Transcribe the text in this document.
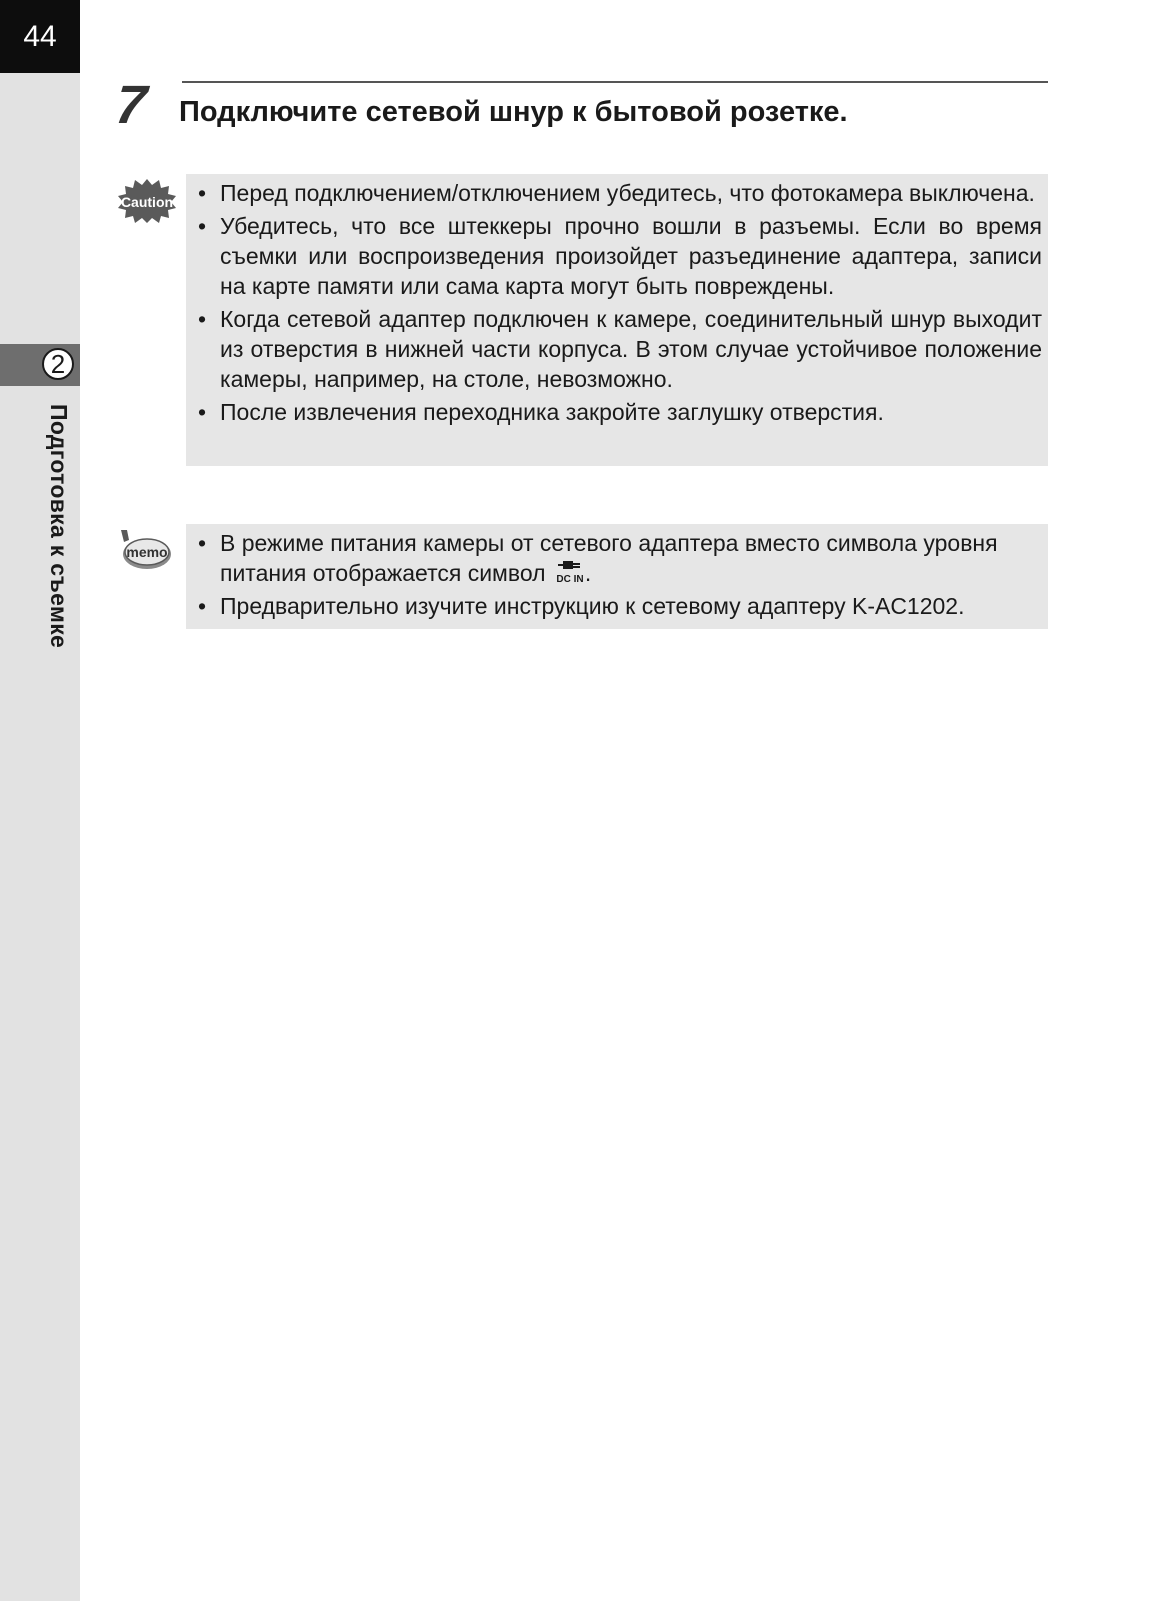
44
2
Подготовка к съемке
7 Подключите сетевой шнур к бытовой розетке.
Caution • Перед подключением/отключением убедитесь, что фотокамера выключена.
• Убедитесь, что все штеккеры прочно вошли в разъемы. Если во время съемки или воспроизведения произойдет разъединение адаптера, записи на карте памяти или сама карта могут быть повреждены.
• Когда сетевой адаптер подключен к камере, соединительный шнур выходит из отверстия в нижней части корпуса. В этом случае устойчивое положение камеры, например, на столе, невозможно.
• После извлечения переходника закройте заглушку отверстия.
memo • В режиме питания камеры от сетевого адаптера вместо символа уровня питания отображается символ DC IN .
• Предварительно изучите инструкцию к сетевому адаптеру K-AC1202.
